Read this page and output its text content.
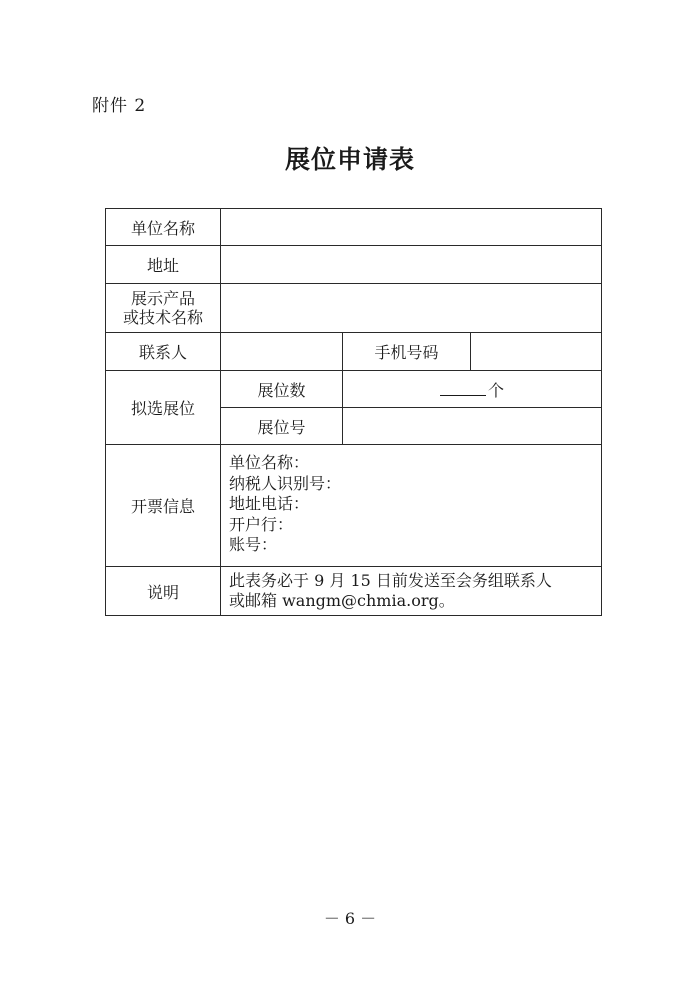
附件 2
展位申请表
单位名称			
地址			

展示产品
或技术名称			

联系人		手机号码	
拟选展位	展位数	个	
	展位号		
开票信息	单位名称：
纳税人识别号：
地址电话：
开户行：
账号：		

说明	此表务必于 9 月 15 日前发送至会务组联系人
或邮箱 wangm@chmia.org。		
－ 6 －
